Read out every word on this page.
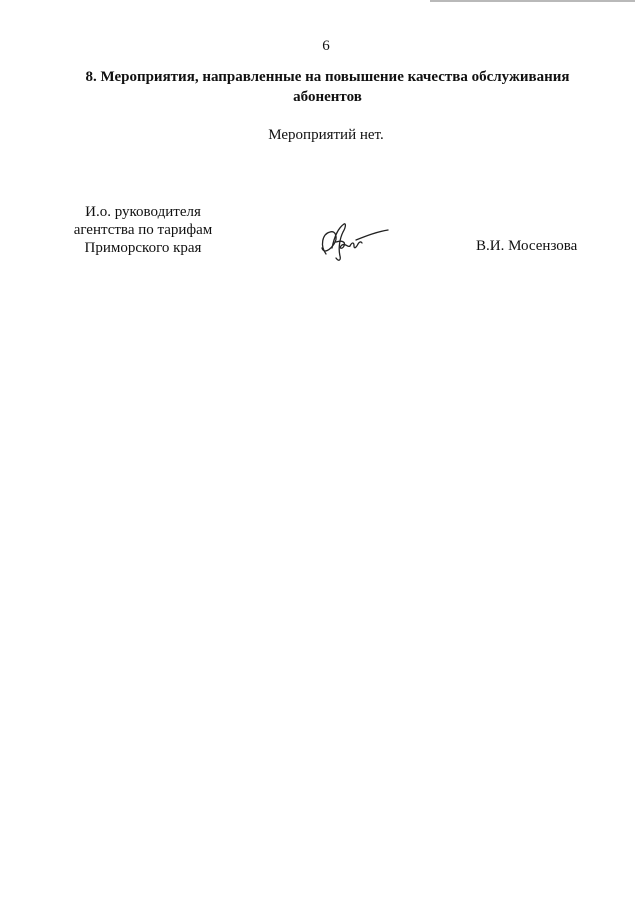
6
8. Мероприятия, направленные на повышение качества обслуживания
абонентов
Мероприятий нет.
И.о. руководителя
агентства по тарифам
Приморского края	В.И. Мосензова
